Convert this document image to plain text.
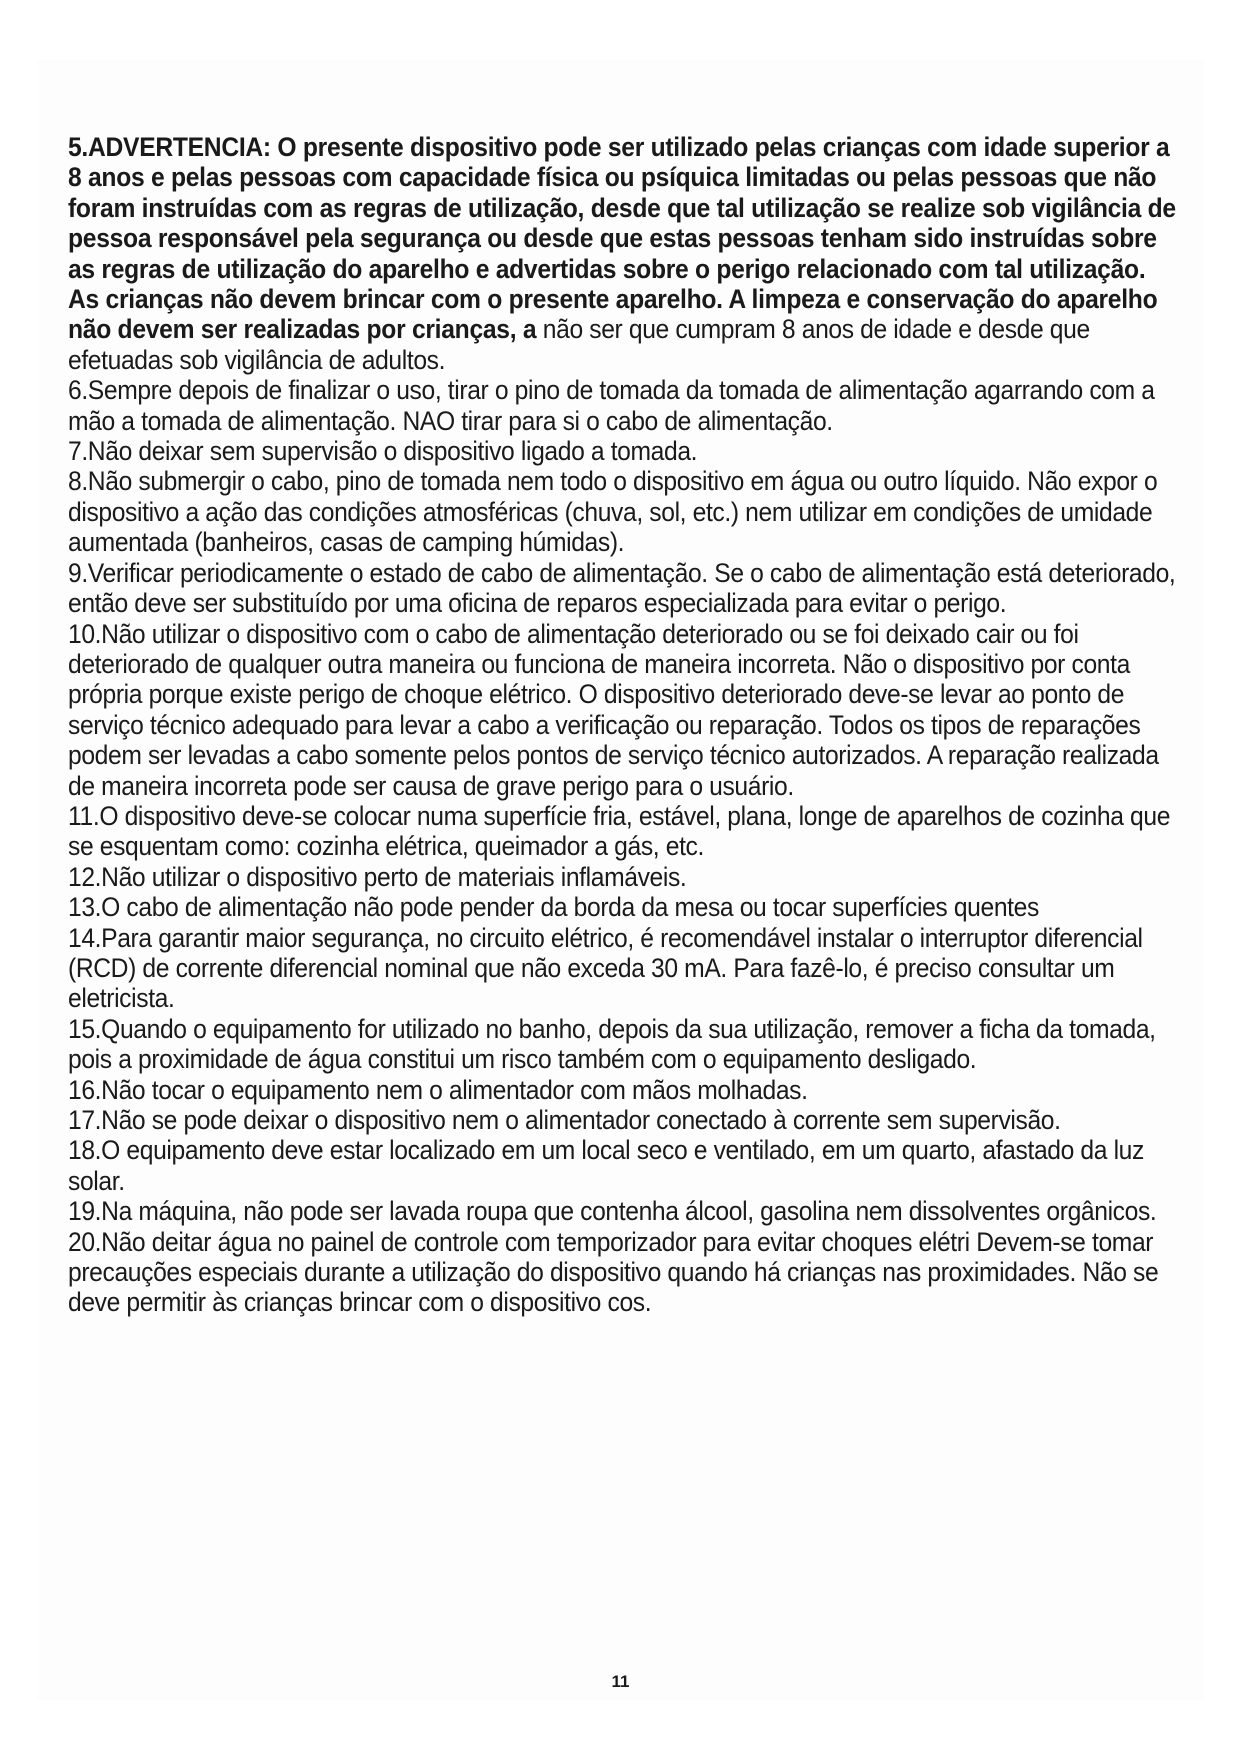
5.ADVERTENCIA: O presente dispositivo pode ser utilizado pelas crianças com idade superior a 8 anos e pelas pessoas com capacidade física ou psíquica limitadas ou pelas pessoas que não foram instruídas com as regras de utilização, desde que tal utilização se realize sob vigilância de pessoa responsável pela segurança ou desde que estas pessoas tenham sido instruídas sobre as regras de utilização do aparelho e advertidas sobre o perigo relacionado com tal utilização. As crianças não devem brincar com o presente aparelho. A limpeza e conservação do aparelho não devem ser realizadas por crianças, a não ser que cumpram 8 anos de idade e desde que efetuadas sob vigilância de adultos.

6.Sempre depois de finalizar o uso, tirar o pino de tomada da tomada de alimentação agarrando com a mão a tomada de alimentação. NAO tirar para si o cabo de alimentação.

7.Não deixar sem supervisão o dispositivo ligado a tomada.

8.Não submergir o cabo, pino de tomada nem todo o dispositivo em água ou outro líquido. Não expor o dispositivo a ação das condições atmosféricas (chuva, sol, etc.) nem utilizar em condições de umidade aumentada (banheiros, casas de camping húmidas).

9.Verificar periodicamente o estado de cabo de alimentação. Se o cabo de alimentação está deteriorado, então deve ser substituído por uma oficina de reparos especializada para evitar o perigo.

10.Não utilizar o dispositivo com o cabo de alimentação deteriorado ou se foi deixado cair ou foi deteriorado de qualquer outra maneira ou funciona de maneira incorreta. Não o dispositivo por conta própria porque existe perigo de choque elétrico. O dispositivo deteriorado deve-se levar ao ponto de serviço técnico adequado para levar a cabo a verificação ou reparação. Todos os tipos de reparações podem ser levadas a cabo somente pelos pontos de serviço técnico autorizados. A reparação realizada de maneira incorreta pode ser causa de grave perigo para o usuário.

11.O dispositivo deve-se colocar numa superfície fria, estável, plana, longe de aparelhos de cozinha que se esquentam como: cozinha elétrica, queimador a gás, etc.

12.Não utilizar o dispositivo perto de materiais inflamáveis.

13.O cabo de alimentação não pode pender da borda da mesa ou tocar superfícies quentes

14.Para garantir maior segurança, no circuito elétrico, é recomendável instalar o interruptor diferencial (RCD) de corrente diferencial nominal que não exceda 30 mA. Para fazê-lo, é preciso consultar um eletricista.

15.Quando o equipamento for utilizado no banho, depois da sua utilização, remover a ficha da tomada, pois a proximidade de água constitui um risco também com o equipamento desligado.

16.Não tocar o equipamento nem o alimentador com mãos molhadas.

17.Não se pode deixar o dispositivo nem o alimentador conectado à corrente sem supervisão.

18.O equipamento deve estar localizado em um local seco e ventilado, em um quarto, afastado da luz solar.

19.Na máquina, não pode ser lavada roupa que contenha álcool, gasolina nem dissolventes orgânicos.

20.Não deitar água no painel de controle com temporizador para evitar choques elétri Devem-se tomar precauções especiais durante a utilização do dispositivo quando há crianças nas proximidades. Não se deve permitir às crianças brincar com o dispositivo cos.

11
